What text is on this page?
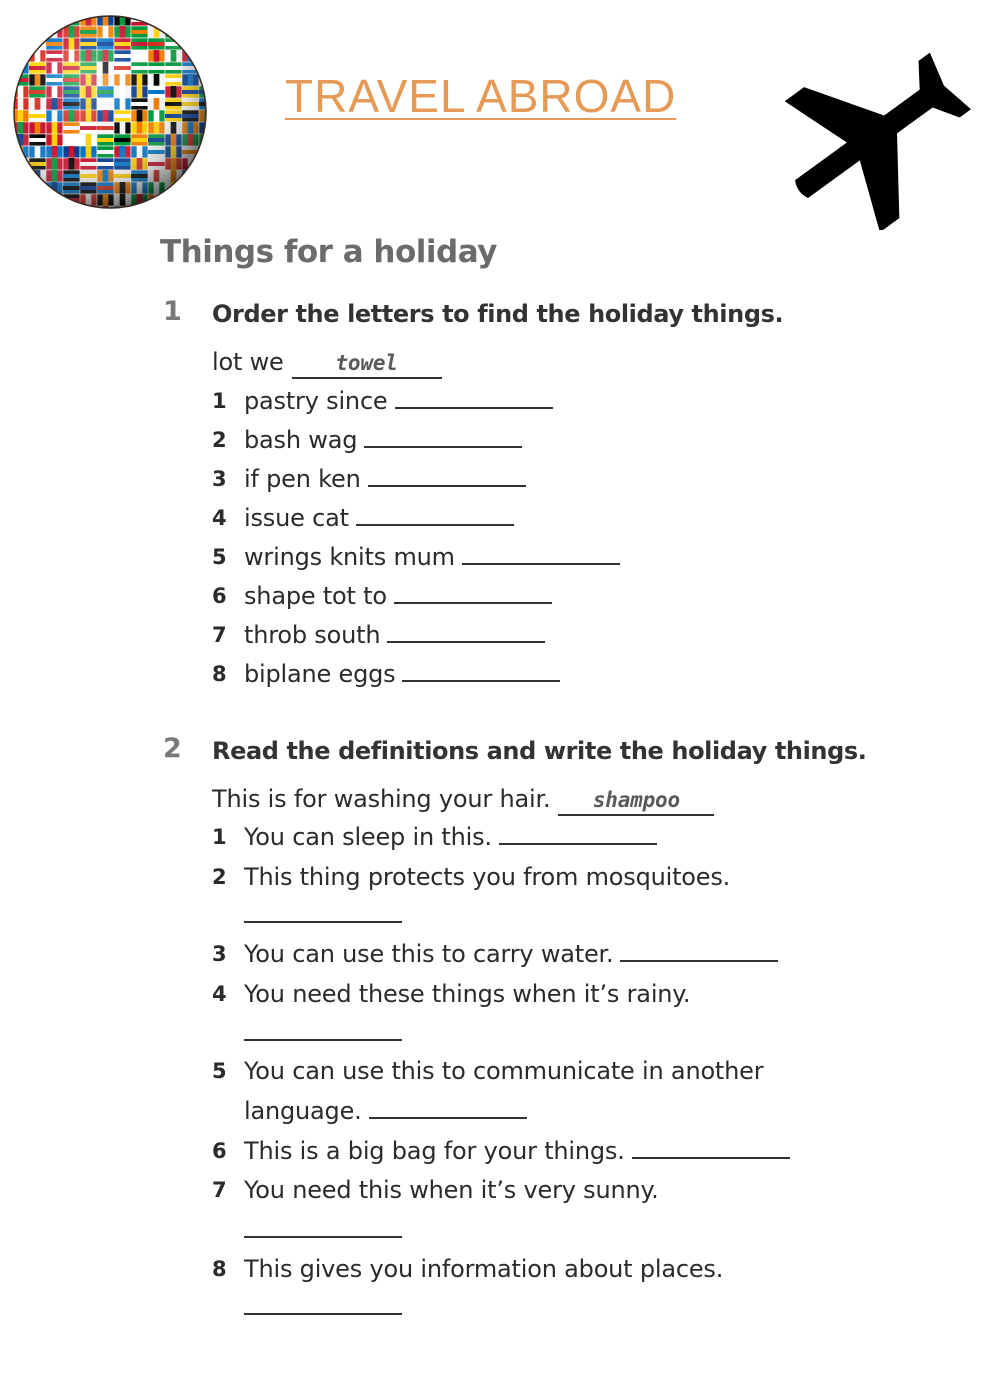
TRAVEL ABROAD
Things for a holiday
1 Order the letters to find the holiday things.
lot we towel
1 pastry since
2 bash wag
3 if pen ken
4 issue cat
5 wrings knits mum
6 shape tot to
7 throb south
8 biplane eggs
2 Read the definitions and write the holiday things.
This is for washing your hair. shampoo
1 You can sleep in this.
2 This thing protects you from mosquitoes.
3 You can use this to carry water.
4 You need these things when it’s rainy.
5 You can use this to communicate in another
language.
6 This is a big bag for your things.
7 You need this when it’s very sunny.
8 This gives you information about places.
